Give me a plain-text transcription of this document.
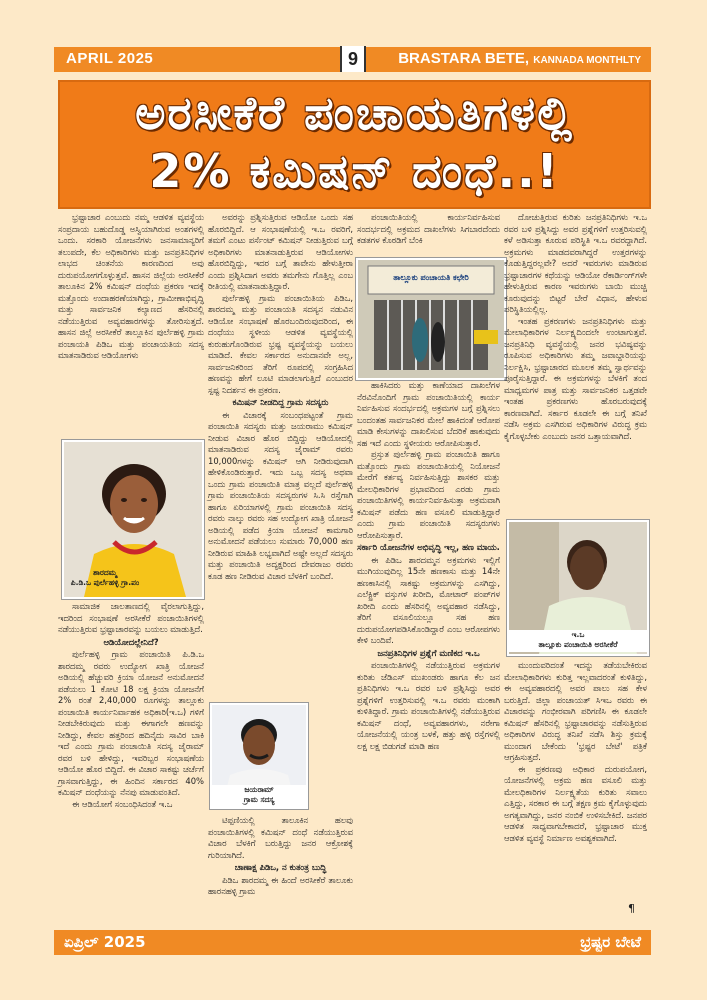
APRIL 2025	9	BRASTARA BETE, KANNADA MONTHLTY
ಅರಸೀಕೆರೆ ಪಂಚಾಯತಿಗಳಲ್ಲಿ
2% ಕಮಿಷನ್ ದಂಧೆ..!

ಭ್ರಷ್ಟಾಚಾರ ಎಂಬುದು ನಮ್ಮ ಆಡಳಿತ ವ್ಯವಸ್ಥೆಯ ಸಂಪ್ರದಾಯ ಬಹುದೊಡ್ಡ ಅಸ್ವಿಯಾಗಿರುವ ಅಂಶಗಳಲ್ಲಿ ಒಂದು. ಸರಕಾರಿ ಯೋಜನೆಗಳು ಜನಸಾಮಾನ್ಯರಿಗೆ ತಲುಪದೇ, ಕೆಲ ಅಧಿಕಾರಿಗಳು ಮತ್ತು ಜನಪ್ರತಿನಿಧಿಗಳ ಲಾಭದ ಚಿಂತನೆಯ ಕಾರಣದಿಂದ ಅವು ದುರುಪಯೋಗಗೊಳ್ಳುತ್ತವೆ. ಹಾಸನ ಜಿಲ್ಲೆಯ ಅರಸೀಕೆರೆ ತಾಲೂಕಿನ 2% ಕಮಿಷನ್ ದಂಧೆಯ ಪ್ರಕರಣ ಇದಕ್ಕೆ ಮತ್ತೊಂದು ಉದಾಹರಣೆಯಾಗಿದ್ದು, ಗ್ರಾಮೀಣಾಭಿವೃದ್ಧಿ ಮತ್ತು ಸಾರ್ವಜನಿಕ ಕಲ್ಯಾಣದ ಹೆಸರಿನಲ್ಲಿ ನಡೆಯುತ್ತಿರುವ ಅವ್ಯವಹಾರಗಳನ್ನು ತೋರಿಸುತ್ತದೆ. ಹಾಸನ ಜಿಲ್ಲೆ ಅರಸೀಕೆರೆ ತಾಲ್ಲೂಕಿನ ಪುರ್ಲೆಹಳ್ಳಿ ಗ್ರಾಮ ಪಂಚಾಯತಿ ಪಿಡಿಒ ಮತ್ತು ಪಂಚಾಯತಿಯ ಸದಸ್ಯ ಮಾತನಾಡಿರುವ ಆಡಿಯೋಗಳು

ಶಾರದಮ್ಮ
ಪಿ.ಡಿ.ಒ ಪುರ್ಲೆಹಳ್ಳಿ ಗ್ರಾ.ಪಂ

ಸಾಮಾಜಿಕ ಜಾಲತಾಣದಲ್ಲಿ ವೈರಲಾಗುತ್ತಿದ್ದು, ಇದರಿಂದ ಸಂಭಾಷಣೆ ಅರಸೀಕೆರೆ ಪಂಚಾಯಿತಿಗಳಲ್ಲಿ ನಡೆಯುತ್ತಿರುವ ಭ್ರಷ್ಟಾಚಾರವನ್ನು ಬಯಲು ಮಾಡುತ್ತಿದೆ.

ಆಡಿಯೋದಲ್ಲೇನಿದೆ?

ಪುರ್ಲೆಹಳ್ಳಿ ಗ್ರಾಮ ಪಂಚಾಯಿತಿ ಪಿ.ಡಿ.ಒ ಶಾರದಮ್ಮ ರವರು ಉದ್ಯೋಗ ಖಾತ್ರಿ ಯೋಜನೆ ಅಡಿಯಲ್ಲಿ ಹೆಚ್ಚುವರಿ ಕ್ರಿಯಾ ಯೋಜನೆ ಅನುಮೋದನೆ ಪಡೆಯಲು 1 ಕೋಟಿ 18 ಲಕ್ಷ ಕ್ರಿಯಾ ಯೋಜನೆಗೆ 2% ರಂತೆ 2,40,000 ರೂಗಳನ್ನು ತಾಲ್ಲೂಕು ಪಂಚಾಯಿತಿ ಕಾರ್ಯನಿರ್ವಾಹಕ ಅಧಿಕಾರಿ(ಇ.ಒ) ಗಳಿಗೆ ನೀಡಬೇಕಿರುವುದು ಮತ್ತು ಈಗಾಗಲೇ ಹಣವನ್ನು ನೀಡಿದ್ದು, ಕೇವಲ ಹತ್ತರಿಂದ ಹದಿನೈದು ಸಾವಿರ ಬಾಕಿ ಇದೆ ಎಂದು ಗ್ರಾಮ ಪಂಚಾಯಿತಿ ಸದಸ್ಯ ಜೈರಾಮ್ ರವರ ಬಳಿ ಹೇಳಿದ್ದು, ಇವರಿಬ್ಬರ ಸಂಭಾಷಣೆಯ ಆಡಿಯೋ ಹೊರ ಬಿದ್ದಿದೆ. ಈ ವಿಚಾರ ಸಾಕಷ್ಟು ಚರ್ಚೆಗೆ ಗ್ರಾಸವಾಗುತ್ತಿದ್ದು, ಈ ಹಿಂದಿನ ಸರ್ಕಾರದ 40% ಕಮಿಷನ್ ದಂಧೆಯನ್ನು ನೆನಪು ಮಾಡುವಂತಿದೆ.

ಈ ಆಡಿಯೋಗೆ ಸಂಬಂಧಿಸಿದಂತೆ ಇ.ಒ

ಅವರನ್ನು ಪ್ರಶ್ನಿಸುತ್ತಿರುವ ಆಡಿಯೋ ಒಂದು ಸಹ ಹೊರಬಿದ್ದಿದೆ. ಆ ಸಂಭಾಷಣೆಯಲ್ಲಿ ಇ.ಒ ರವರಿಗೆ, ತಮಗೆ ಎಂಟು ಪರ್ಸೆಂಟ್ ಕಮಿಷನ್ ನೀಡುತ್ತಿರುವ ಬಗ್ಗೆ ಅಧಿಕಾರಿಗಳು ಮಾತನಾಡುತ್ತಿರುವ ಆಡಿಯೋಗಳು ಹೊರಬಿದ್ದಿದ್ದು, ಇದರ ಬಗ್ಗೆ ತಾವೇನು ಹೇಳುತ್ತೀರಾ ಎಂದು ಪ್ರಶ್ನಿಸಿದಾಗ ಅವರು ತಮಗೇನು ಗೊತ್ತಿಲ್ಲ ಎಂಬ ರೀತಿಯಲ್ಲಿ ಮಾತನಾಡುತ್ತಿದ್ದಾರೆ.

ಪುರ್ಲೆಹಳ್ಳಿ ಗ್ರಾಮ ಪಂಚಾಯಿತಿಯ ಪಿಡಿಒ, ಶಾರದಮ್ಮ ಮತ್ತು ಪಂಚಾಯತಿ ಸದಸ್ಯನ ನಡುವಿನ ಆಡಿಯೋ ಸಂಭಾಷಣೆ ಹೊರಬಂದಿರುವುದರಿಂದ, ಈ ದಂಧೆಯು ಸ್ಥಳೀಯ ಆಡಳಿತ ವ್ಯವಸ್ಥೆಯಲ್ಲಿ ಕುರುಹುಗೊಂಡಿರುವ ಭ್ರಷ್ಟ ವ್ಯವಸ್ಥೆಯನ್ನು ಬಯಲು ಮಾಡಿದೆ. ಕೇವಲ ಸರ್ಕಾರದ ಅನುದಾನವೇ ಅಲ್ಲ, ಸಾರ್ವಜನಿಕರಿಂದ ತೆರಿಗೆ ರೂಪದಲ್ಲಿ ಸಂಗ್ರಹಿಸಿದ ಹಣವನ್ನು ಹೇಗೆ ಲೂಟಿ ಮಾಡಲಾಗುತ್ತಿದೆ ಎಂಬುದರ ಸ್ಪಷ್ಟ ನಿದರ್ಶನ ಈ ಪ್ರಕರಣ.

ಕಮಿಷನ್ ನೀಡದಿದ್ದ ಗ್ರಾಮ ಸದಸ್ಯರು

ಈ ವಿಚಾರಕ್ಕೆ ಸಂಬಂಧಪಟ್ಟಂತೆ ಗ್ರಾಮ ಪಂಚಾಯಿತಿ ಸದಸ್ಯರು ಮತ್ತು ಜಯರಾಮು ಕಮಿಷನ್ ನೀಡುವ ವಿಚಾರ ಹೊರ ಬಿದ್ದಿದ್ದು ಆಡಿಯೋದಲ್ಲಿ ಮಾತನಾಡಿರುವ ಸದಸ್ಯ ಜೈರಾಮ್ ರವರು 10,000ಗಳನ್ನು ಕಮಿಷನ್ ಆಗಿ ನೀಡಿರುವುದಾಗಿ ಹೇಳಿಕೊಂಡಿರುತ್ತಾರೆ. ಇದು ಒಬ್ಬ ಸದಸ್ಯ ಅಥವಾ ಒಂದು ಗ್ರಾಮ ಪಂಚಾಯಿತಿ ಮಾತ್ರ ವಲ್ಲದೆ ಪುರ್ಲೆಹಳ್ಳಿ ಗ್ರಾಮ ಪಂಚಾಯಿತಿಯ ಸದಸ್ಯರುಗಳ ಸಿ.ಸಿ ರಸ್ತೆಗಾಗಿ ಹಾಗೂ ಏರಿಯಾಗಳಲ್ಲಿ ಗ್ರಾಮ ಪಂಚಾಯಿತಿ ಸದಸ್ಯ ರವರು ನಾಲ್ಕು ರವರು ಸಹ ಉದ್ಯೋಗ ಖಾತ್ರಿ ಯೋಜನೆ ಅಡಿಯಲ್ಲಿ ಪಡೆದ ಕ್ರಿಯಾ ಯೋಜನೆ ಕಾಮಗಾರಿ ಅನುಮೋದನೆ ಪಡೆಯಲು ಸುಮಾರು 70,000 ಹಣ ನೀಡಿರುವ ಮಾಹಿತಿ ಲಭ್ಯವಾಗಿದೆ ಅಷ್ಟೇ ಅಲ್ಲದೆ ಸದಸ್ಯರು ಮತ್ತು ಪಂಚಾಯಿತಿ ಅದ್ಯಕ್ಷರಿಂದ ದೇವರಾಜು ರವರು ಕೂಡ ಹಣ ನೀಡಿರುವ ವಿಚಾರ ಬೆಳಕಿಗೆ ಬಂದಿದೆ.

ಜಯರಾಮ್
ಗ್ರಾಮ ಸದಸ್ಯ

ಟಿಪ್ಪಣಿಯಲ್ಲಿ ತಾಲೂಕಿನ ಹಲವು ಪಂಚಾಯಿತಿಗಳಲ್ಲಿ ಕಮಿಷನ್ ದಂಧೆ ನಡೆಯುತ್ತಿರುವ ವಿಚಾರ ಬೆಳಕಿಗೆ ಬರುತ್ತಿದ್ದು ಜನರ ಆಕ್ರೋಶಕ್ಕೆ ಗುರಿಯಾಗಿದೆ.

ಚಾಣಾಕ್ಷ ಪಿಡಿಒ, ನ ಕುತಂತ್ರ ಬುದ್ಧಿ

ಪಿಡಿಒ ಶಾರದಮ್ಮ ಈ ಹಿಂದೆ ಅರಸೀಕೆರೆ ತಾಲೂಕು ಹಾರನಹಳ್ಳಿ ಗ್ರಾಮ

ಪಂಚಾಯಿತಿಯಲ್ಲಿ ಕಾರ್ಯನಿರ್ವಹಿಸುವ ಸಂದರ್ಭದಲ್ಲಿ ಅಕ್ರಮದ ದಾಖಲೆಗಳು ಸಿಗಬಾರದೆಂದು ಕಡತಗಳ ಕೊಠಡಿಗೆ ಬೆಂಕಿ

ತಾಲ್ಲೂಕು ಪಂಚಾಯತಿ ಕಛೇರಿ

ಹಾಕಿಸಿದರು ಮತ್ತು ಕಾಣೆಯಾದ ದಾಖಲೆಗಳ ನೆರವಿನೊಂದಿಗೆ ಗ್ರಾಮ ಪಂಚಾಯಿತಿಯಲ್ಲಿ ಕಾರ್ಯ ನಿರ್ವಹಿಸುವ ಸಂದರ್ಭದಲ್ಲಿ ಅಕ್ರಮಗಳ ಬಗ್ಗೆ ಪ್ರಶ್ನಿಸಲು ಬಂದಂತಹ ಸಾರ್ವಜನಿಕರ ಮೇಲೆ ಹಾಕಿದಂತೆ ಆರೋಪ ಮಾಡಿ ಕೇಸುಗಳನ್ನು ದಾಖಲಿಸುವ ಬೆದರಿಕೆ ಹಾಕುವುದು ಸಹ ಇದೆ ಎಂದು ಸ್ಥಳೀಯರು ಆರೋಪಿಸುತ್ತಾರೆ.

ಪ್ರಸ್ತುತ ಪುರ್ಲೆಹಳ್ಳಿ ಗ್ರಾಮ ಪಂಚಾಯಿತಿ ಹಾಗೂ ಮತ್ತೊಂದು ಗ್ರಾಮ ಪಂಚಾಯಿತಿಯಲ್ಲಿ ನಿಯೋಜನೆ ಮೇರೆಗೆ ಕರ್ತವ್ಯ ನಿರ್ವಹಿಸುತ್ತಿದ್ದು ಶಾಸಕರ ಮತ್ತು ಮೇಲಧಿಕಾರಿಗಳ ಪ್ರಭಾವದಿಂದ ಎರಡು ಗ್ರಾಮ ಪಂಚಾಯಿತಿಗಳಲ್ಲಿ ಕಾರ್ಯನಿರ್ವಹಿಸುತ್ತಾ ಅಕ್ರಮವಾಗಿ ಕಮಿಷನ್ ಪಡೆದು ಹಣ ವಸೂಲಿ ಮಾಡುತ್ತಿದ್ದಾರೆ ಎಂದು ಗ್ರಾಮ ಪಂಚಾಯಿತಿ ಸದಸ್ಯರುಗಳು ಆರೋಪಿಸುತ್ತಾರೆ.

ಸರ್ಕಾರಿ ಯೋಜನೆಗಳ ಅಭಿವೃದ್ಧಿ ಇಲ್ಲ, ಹಣ ಮಾಯ.

ಈ ಪಿಡಿಒ ಶಾರದಮ್ಮನ ಅಕ್ರಮಗಳು ಇಲ್ಲಿಗೆ ಮುಗಿಯುವುದಿಲ್ಲ 15ನೇ ಹಣಕಾಸು ಮತ್ತು 14ನೇ ಹಣಕಾಸಿನಲ್ಲಿ ಸಾಕಷ್ಟು ಅಕ್ರಮಗಳನ್ನು ಎಸಗಿದ್ದು, ಎಲೆಕ್ಟ್ರಿಕ್ ವಸ್ತುಗಳ ಖರೀದಿ, ಮೋಟಾರ್ ಪಂಪ್‌ಗಳ ಖರೀದಿ ಎಂದು ಹೆಸರಿನಲ್ಲಿ ಅವ್ಯವಹಾರ ನಡೆಸಿದ್ದು, ತೆರಿಗೆ ವಸೂಲಿಯಲ್ಲೂ ಸಹ ಹಣ ದುರುಪಯೋಗಪಡಿಸಿಕೊಂಡಿದ್ದಾರೆ ಎಂಬ ಆರೋಪಗಳು ಕೇಳಿ ಬಂದಿವೆ.

ಜನಪ್ರತಿನಿಧಿಗಳ ಪ್ರಶ್ನೆಗೆ ಮಣಿಕದ ಇ.ಒ

ಪಂಚಾಯಿತಿಗಳಲ್ಲಿ ನಡೆಯುತ್ತಿರುವ ಅಕ್ರಮಗಳ ಕುರಿತು ಜೆಡಿಎಸ್ ಮುಖಂಡರು ಹಾಗೂ ಕೆಲ ಜನ ಪ್ರತಿನಿಧಿಗಳು ಇ.ಒ ರವರ ಬಳಿ ಪ್ರಶ್ನಿಸಿದ್ದು ಅವರ ಪ್ರಶ್ನೆಗಳಿಗೆ ಉತ್ತರಿಸುವಲ್ಲಿ ಇ.ಒ ರವರು ಮಂಕಾಗಿ ಕುಳಿತಿದ್ದಾರೆ. ಗ್ರಾಮ ಪಂಚಾಯಿತಿಗಳಲ್ಲಿ ನಡೆಯುತ್ತಿರುವ ಕಮಿಷನ್ ದಂಧೆ, ಅವ್ಯವಹಾರಗಳು, ನರೇಗಾ ಯೋಜನೆಯಲ್ಲಿ ಯಂತ್ರ ಬಳಕೆ, ಹತ್ತು ಹಳ್ಳಿ ರಸ್ತೆಗಳಲ್ಲಿ ಲಕ್ಷ ಲಕ್ಷ ಬಿಡುಗಡೆ ಮಾಡಿ ಹಣ

ದೋಚುತ್ತಿರುವ ಕುರಿತು ಜನಪ್ರತಿನಿಧಿಗಳು ಇ.ಒ ರವರ ಬಳಿ ಪ್ರಶ್ನಿಸಿದ್ದು ಅವರ ಪ್ರಶ್ನೆಗಳಿಗೆ ಉತ್ತರಿಸುವಲ್ಲಿ ಕಳೆ ಅಡಿಸುತ್ತಾ ಕೂರುವ ಪರಿಸ್ಥಿತಿ ಇ.ಒ ರವರದ್ದಾಗಿದೆ. ಅಕ್ರಮಗಳು ಮಾಡದವರಾಗಿದ್ದರೆ ಉತ್ತರಗಳನ್ನು ಕೊಡುತ್ತಿದ್ದರಲ್ಲವೇ? ಅದರೆ ಇವರುಗಳು ಮಾಡಿರುವ ಭ್ರಷ್ಟಾಚಾರಗಳ ಕಥೆಯನ್ನು ಆಡಿಯೋ ರೆಕಾರ್ಡಿಂಗ್‌ಗಳೇ ಹೇಳುತ್ತಿರುವ ಕಾರಣ ಇವರುಗಳು ಬಾಯಿ ಮುಚ್ಚಿ ಕೂರುವುದನ್ನು ಬಿಟ್ಟರೆ ಬೇರೆ ವಿಧಾನ, ಹೇಳುವ ಪರಿಸ್ಥಿತಿಯಲ್ಲಿಲ್ಲ.

ಇಂತಹ ಪ್ರಕರಣಗಳು ಜನಪ್ರತಿನಿಧಿಗಳು ಮತ್ತು ಮೇಲಾಧಿಕಾರಿಗಳ ನಿರ್ಲಕ್ಷ್ಯದಿಂದಲೇ ಉಂಟಾಗುತ್ತವೆ. ಜನಪ್ರತಿನಿಧಿ ವ್ಯವಸ್ಥೆಯಲ್ಲಿ ಜನರ ಭವಿಷ್ಯವನ್ನು ರೂಪಿಸುವ ಅಧಿಕಾರಿಗಳು ತಮ್ಮ ಜವಾಬ್ದಾರಿಯನ್ನು ನಿರ್ಲಕ್ಷಿಸಿ, ಭ್ರಷ್ಟಾಚಾರದ ಮೂಲಕ ತಮ್ಮ ಸ್ವಾರ್ಥವನ್ನು ಪೂರೈಸುತ್ತಿದ್ದಾರೆ. ಈ ಅಕ್ರಮಗಳನ್ನು ಬೆಳಕಿಗೆ ತಂದ ಮಾಧ್ಯಮಗಳ ಪಾತ್ರ ಮತ್ತು ಸಾರ್ವಜನಿಕರ ಒತ್ತಡವೇ ಇಂತಹ ಪ್ರಕರಣಗಳು ಹೊರಬರುವುದಕ್ಕೆ ಕಾರಣವಾಗಿದೆ. ಸರ್ಕಾರ ಕೂಡಲೇ ಈ ಬಗ್ಗೆ ತನಿಖೆ ನಡೆಸಿ ಅಕ್ರಮ ಎಸಗಿರುವ ಅಧಿಕಾರಿಗಳ ವಿರುದ್ಧ ಕ್ರಮ ಕೈಗೊಳ್ಳಬೇಕು ಎಂಬುದು ಜನರ ಒತ್ತಾಯವಾಗಿದೆ.

ಇ.ಒ
ತಾಲ್ಲೂಕು ಪಂಚಾಯಿತಿ ಅರಸೀಕೆರೆ

ಮುಂದುವರಿದಂತೆ ಇದನ್ನು ತಡೆಯಬೇಕಿರುವ ಮೇಲಾಧಿಕಾರಿಗಳು ಕುರಿತ್ತ ಇಲ್ಲವಾದರಂತೆ ಕುಳಿತಿದ್ದು, ಈ ಅವ್ಯವಹಾರದಲ್ಲಿ ಅವರ ಪಾಲು ಸಹ ಕೇಳ ಬರುತ್ತಿದೆ. ಜಿಲ್ಲಾ ಪಂಚಾಯತ್ ಸಿಇಒ ರವರು ಈ ವಿಚಾರವನ್ನು ಗಂಭೀರವಾಗಿ ಪರಿಗಣಿಸಿ ಈ ಕೂಡಲೇ ಕಮಿಷನ್ ಹೆಸರಿನಲ್ಲಿ ಭ್ರಷ್ಟಾಚಾರವನ್ನು ನಡೆಸುತ್ತಿರುವ ಅಧಿಕಾರಿಗಳ ವಿರುದ್ಧ ತನಿಖೆ ನಡೆಸಿ ಶಿಸ್ತು ಕ್ರಮಕ್ಕೆ ಮುಂದಾಗ ಬೇಕೆಂದು 'ಭ್ರಷ್ಟರ ಬೇಟೆ' ಪತ್ರಿಕೆ ಆಗ್ರಹಿಸುತ್ತದೆ.

ಈ ಪ್ರಕರಣವು ಅಧಿಕಾರ ದುರುಪಯೋಗ, ಯೋಜನೆಗಳಲ್ಲಿ ಅಕ್ರಮ ಹಣ ವಸೂಲಿ ಮತ್ತು ಮೇಲಧಿಕಾರಿಗಳ ನಿರ್ಲಕ್ಷ್ಯತೆಯ ಕುರಿತು ಸವಾಲು ಎತ್ತಿದ್ದು, ಸರಕಾರ ಈ ಬಗ್ಗೆ ತಕ್ಷಣ ಕ್ರಮ ಕೈಗೊಳ್ಳುವುದು ಅಗತ್ಯವಾಗಿದ್ದು, ಜನರ ನಂಬಿಕೆ ಉಳಿಸಬೇಕಿದೆ. ಜನಪರ ಆಡಳಿತ ಸಾಧ್ಯವಾಗಬೇಕಾದರೆ, ಭ್ರಷ್ಟಾಚಾರ ಮುಕ್ತ ಆಡಳಿತ ವ್ಯವಸ್ಥೆ ನಿರ್ಮಾಣ ಅವಶ್ಯಕವಾಗಿದೆ.

¶
ಏಪ್ರಿಲ್ 2025	ಭ್ರಷ್ಟರ ಬೇಟೆ
